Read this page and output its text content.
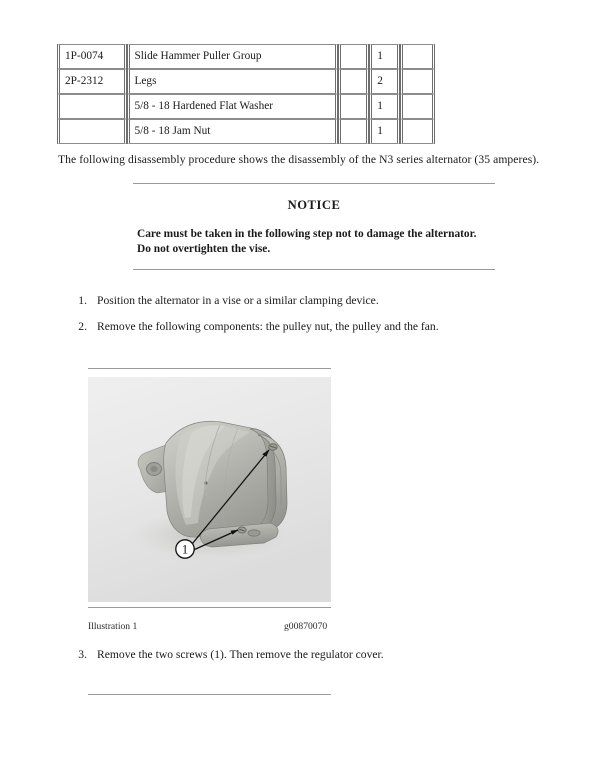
1P-0074	Slide Hammer Puller Group		1	
2P-2312	Legs		2	
	5/8 - 18 Hardened Flat Washer		1	
	5/8 - 18 Jam Nut		1	
The following disassembly procedure shows the disassembly of the N3 series alternator (35 amperes).
NOTICE
Care must be taken in the following step not to damage the alternator.
Do not overtighten the vise.
1. Position the alternator in a vise or a similar clamping device.
2. Remove the following components: the pulley nut, the pulley and the fan.
1
Illustration 1	g00870070
3. Remove the two screws (1). Then remove the regulator cover.
